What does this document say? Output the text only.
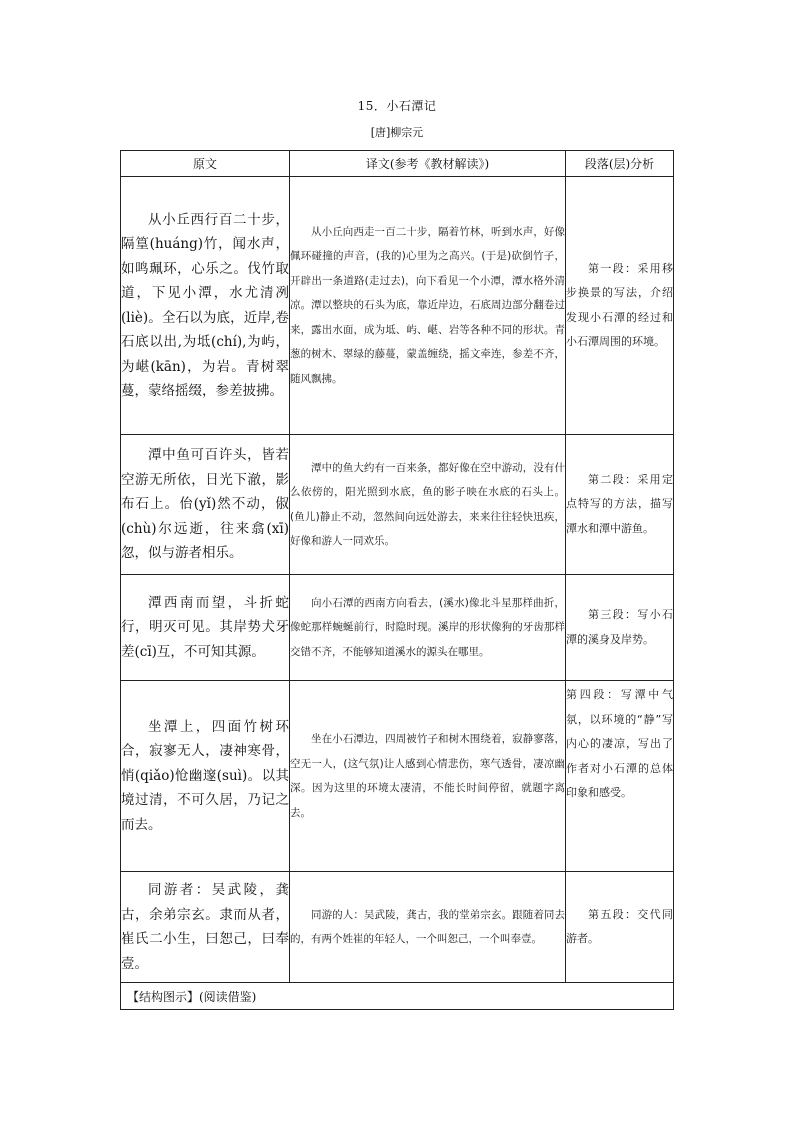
15．小石潭记
[唐]柳宗元
原文	译文(参考《教材解读》)	段落(层)分析
从小丘西行百二十步，隔篁(huáng)竹，闻水声，如鸣珮环，心乐之。伐竹取道，下见小潭，水尤清冽(liè)。全石以为底，近岸,卷石底以出,为坻(chí),为屿，为嵁(kān)，为岩。青树翠蔓，蒙络摇缀，参差披拂。	从小丘向西走一百二十步，隔着竹林，听到水声，好像佩环碰撞的声音，(我的)心里为之高兴。(于是)砍倒竹子，开辟出一条道路(走过去)，向下看见一个小潭，潭水格外清凉。潭以整块的石头为底，靠近岸边，石底周边部分翻卷过来，露出水面，成为坻、屿、嵁、岩等各种不同的形状。青葱的树木、翠绿的藤蔓，蒙盖缠绕，摇文牵连，参差不齐，随风飘拂。	第一段：采用移步换景的写法，介绍发现小石潭的经过和小石潭周围的环境。
潭中鱼可百许头，皆若空游无所依，日光下澈，影布石上。佁(yǐ)然不动，俶(chù)尔远逝，往来翕(xī)忽，似与游者相乐。	潭中的鱼大约有一百来条，都好像在空中游动，没有什么依傍的，阳光照到水底，鱼的影子映在水底的石头上。(鱼儿)静止不动，忽然间向远处游去，来来往往轻快迅疾，好像和游人一同欢乐。	第二段：采用定点特写的方法，描写潭水和潭中游鱼。
潭西南而望，斗折蛇行，明灭可见。其岸势犬牙差(cī)互，不可知其源。	向小石潭的西南方向看去，(溪水)像北斗星那样曲折，像蛇那样蜿蜒前行，时隐时现。溪岸的形状像狗的牙齿那样交错不齐，不能够知道溪水的源头在哪里。	第三段：写小石潭的溪身及岸势。
坐潭上，四面竹树环合，寂寥无人，凄神寒骨，悄(qiǎo)怆幽邃(suì)。以其境过清，不可久居，乃记之而去。	坐在小石潭边，四周被竹子和树木围绕着，寂静寥落，空无一人，(这气氛)让人感到心情悲伤，寒气透骨，凄凉幽深。因为这里的环境太凄清，不能长时间停留，就题字离去。	第四段：写潭中气氛，以环境的“静”写内心的凄凉，写出了作者对小石潭的总体印象和感受。
同游者：吴武陵，龚古，余弟宗玄。隶而从者，崔氏二小生，曰恕己，曰奉壹。	同游的人：吴武陵，龚古，我的堂弟宗玄。跟随着同去的，有两个姓崔的年轻人，一个叫恕己，一个叫奉壹。	第五段：交代同游者。
【结构图示】(阅读借鉴)		
